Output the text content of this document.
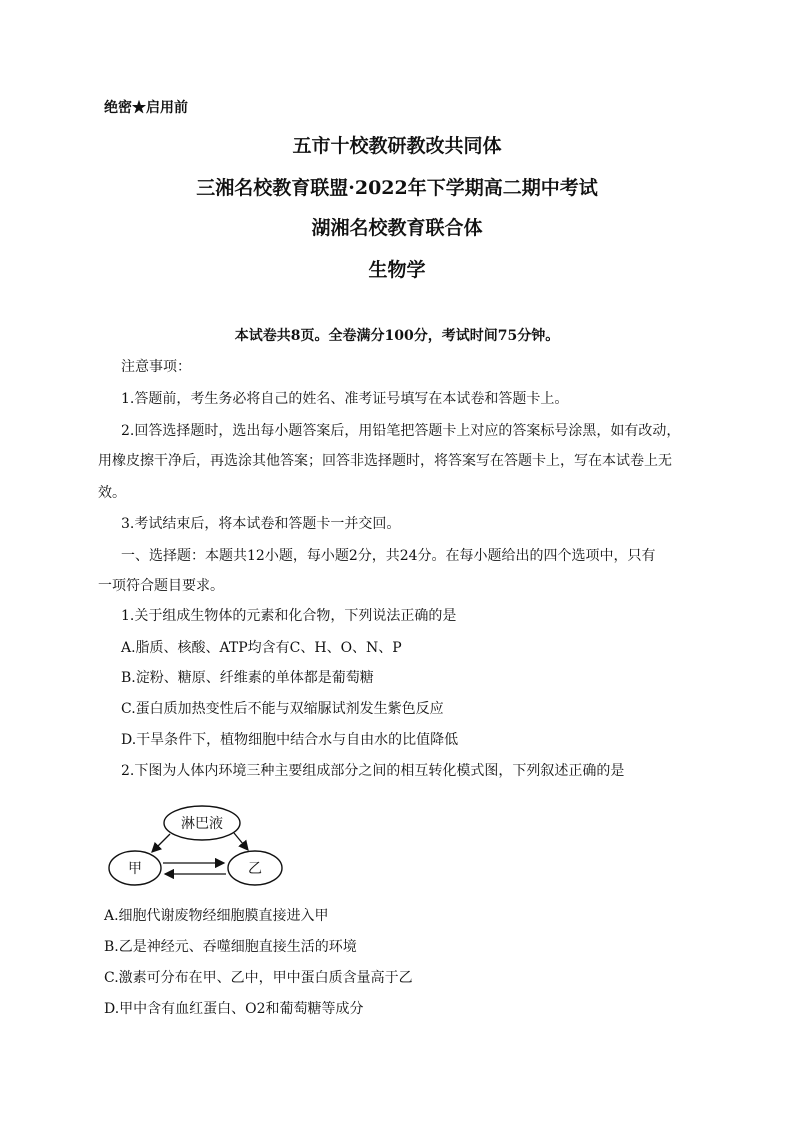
绝密★启用前
五市十校教研教改共同体
三湘名校教育联盟·2022年下学期高二期中考试
湖湘名校教育联合体
生物学
本试卷共8页。全卷满分100分，考试时间75分钟。
注意事项：
1.答题前，考生务必将自己的姓名、准考证号填写在本试卷和答题卡上。
2.回答选择题时，选出每小题答案后，用铅笔把答题卡上对应的答案标号涂黑，如有改动，
用橡皮擦干净后，再选涂其他答案；回答非选择题时，将答案写在答题卡上，写在本试卷上无
效。
3.考试结束后，将本试卷和答题卡一并交回。
一、选择题：本题共12小题，每小题2分，共24分。在每小题给出的四个选项中，只有
一项符合题目要求。
1.关于组成生物体的元素和化合物，下列说法正确的是
A.脂质、核酸、ATP均含有C、H、O、N、P
B.淀粉、糖原、纤维素的单体都是葡萄糖
C.蛋白质加热变性后不能与双缩脲试剂发生紫色反应
D.干旱条件下，植物细胞中结合水与自由水的比值降低
2.下图为人体内环境三种主要组成部分之间的相互转化模式图，下列叙述正确的是
淋巴液
甲	乙
A.细胞代谢废物经细胞膜直接进入甲
B.乙是神经元、吞噬细胞直接生活的环境
C.激素可分布在甲、乙中，甲中蛋白质含量高于乙
D.甲中含有血红蛋白、O2和葡萄糖等成分
